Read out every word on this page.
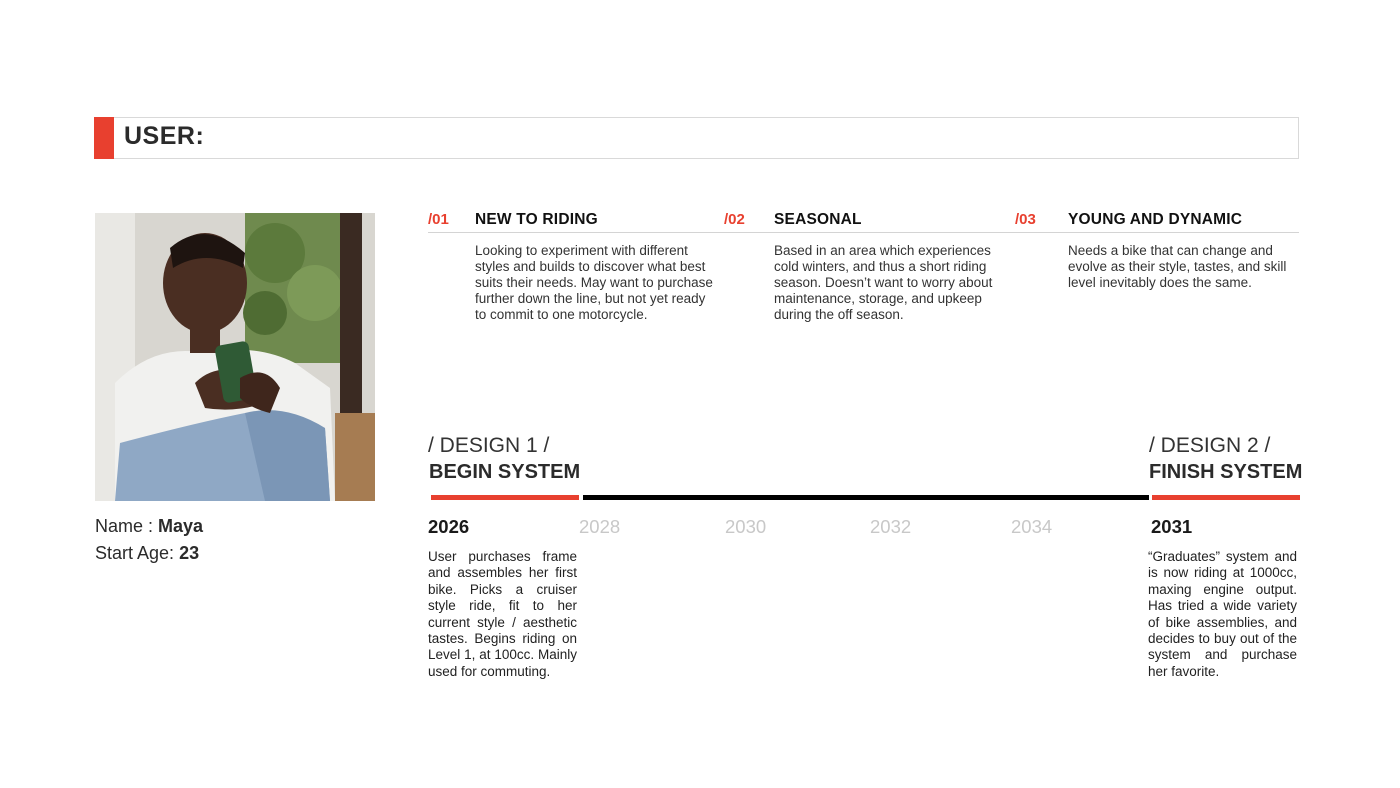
USER:
Name : Maya
Start Age: 23
/01 NEW TO RIDING
Looking to experiment with different styles and builds to discover what best suits their needs. May want to purchase further down the line, but not yet ready to commit to one motorcycle.
/02 SEASONAL
Based in an area which experiences cold winters, and thus a short riding season. Doesn’t want to worry about maintenance, storage, and upkeep during the off season.
/03 YOUNG AND DYNAMIC
Needs a bike that can change and evolve as their style, tastes, and skill level inevitably does the same.
/ DESIGN 1 /
BEGIN SYSTEM
/ DESIGN 2 /
FINISH SYSTEM
2026	2028	2030	2032	2034	2031
User purchases frame and assembles her first bike. Picks a cruiser style ride, fit to her current style / aesthetic tastes. Begins riding on Level 1, at 100cc. Mainly used for commuting.
“Graduates” system and is now riding at 1000cc, maxing engine output. Has tried a wide variety of bike assemblies, and decides to buy out of the system and purchase her favorite.
